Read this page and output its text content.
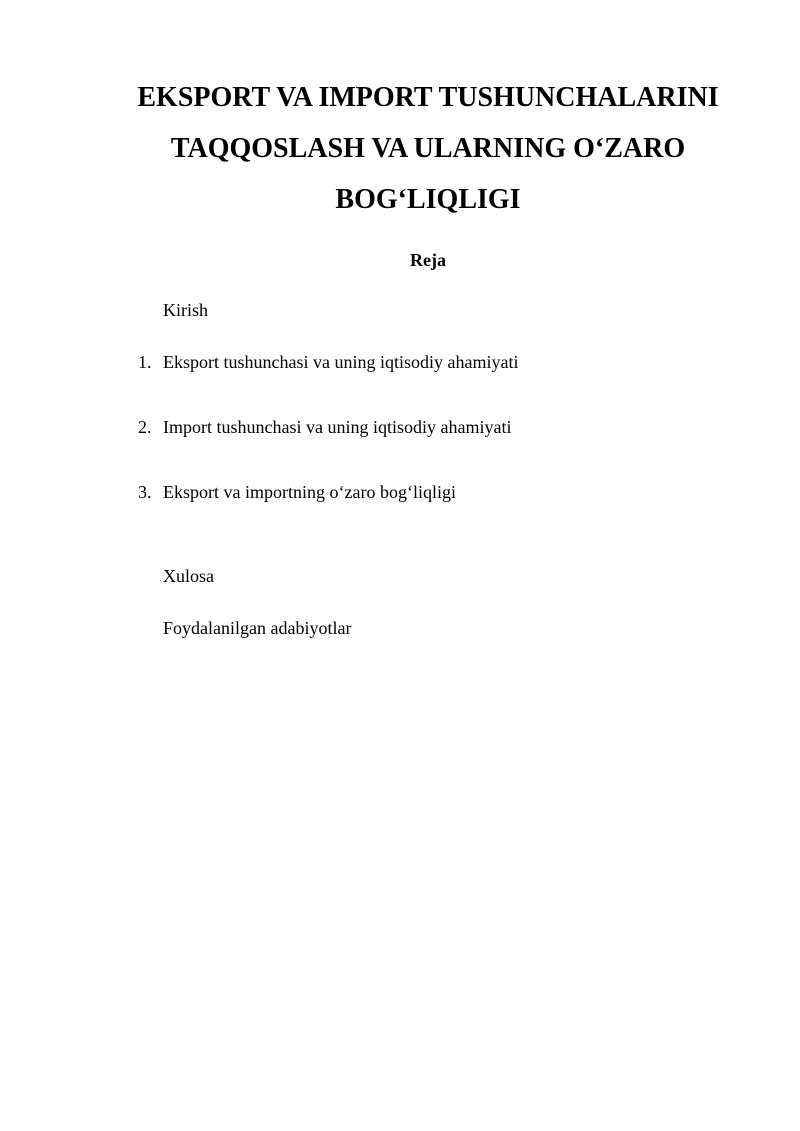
EKSPORT VA IMPORT TUSHUNCHALARINI
TAQQOSLASH VA ULARNING O‘ZARO
BOG‘LIQLIGI

Reja

Kirish

1. Eksport tushunchasi va uning iqtisodiy ahamiyati
2. Import tushunchasi va uning iqtisodiy ahamiyati
3. Eksport va importning o‘zaro bog‘liqligi

Xulosa

Foydalanilgan adabiyotlar
